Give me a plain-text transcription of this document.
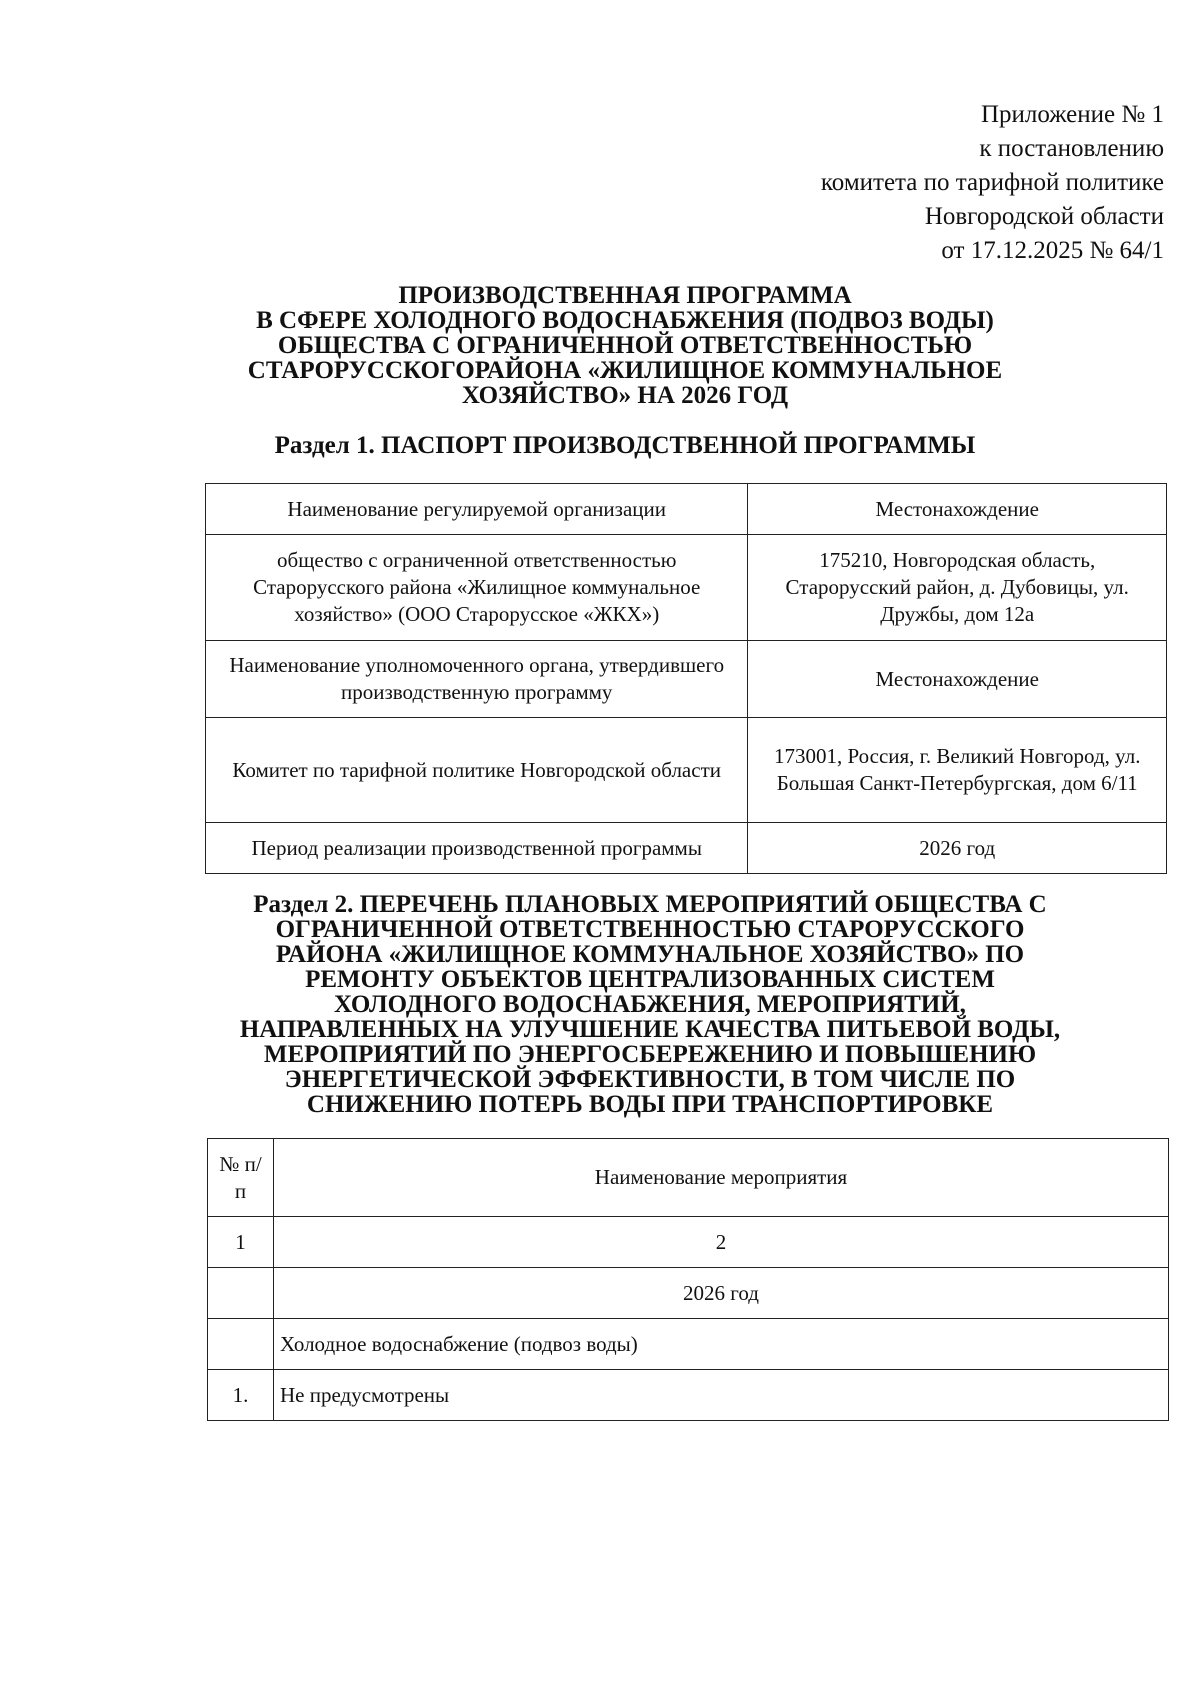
Приложение № 1
к постановлению
комитета по тарифной политике
Новгородской области
от 17.12.2025 № 64/1
ПРОИЗВОДСТВЕННАЯ ПРОГРАММА
В СФЕРЕ ХОЛОДНОГО ВОДОСНАБЖЕНИЯ (ПОДВОЗ ВОДЫ)
ОБЩЕСТВА С ОГРАНИЧЕННОЙ ОТВЕТСТВЕННОСТЬЮ
СТАРОРУССКОГОРАЙОНА «ЖИЛИЩНОЕ КОММУНАЛЬНОЕ
ХОЗЯЙСТВО» НА 2026 ГОД
Раздел 1. ПАСПОРТ ПРОИЗВОДСТВЕННОЙ ПРОГРАММЫ
Наименование регулируемой организации	Местонахождение
общество с ограниченной ответственностью Старорусского района «Жилищное коммунальное хозяйство» (ООО Старорусское «ЖКХ»)	175210, Новгородская область, Старорусский район, д. Дубовицы, ул. Дружбы, дом 12а
Наименование уполномоченного органа, утвердившего производственную программу	Местонахождение
Комитет по тарифной политике Новгородской области	173001, Россия, г. Великий Новгород, ул. Большая Санкт-Петербургская, дом 6/11
Период реализации производственной программы	2026 год
Раздел 2. ПЕРЕЧЕНЬ ПЛАНОВЫХ МЕРОПРИЯТИЙ ОБЩЕСТВА С
ОГРАНИЧЕННОЙ ОТВЕТСТВЕННОСТЬЮ СТАРОРУССКОГО
РАЙОНА «ЖИЛИЩНОЕ КОММУНАЛЬНОЕ ХОЗЯЙСТВО» ПО
РЕМОНТУ ОБЪЕКТОВ ЦЕНТРАЛИЗОВАННЫХ СИСТЕМ
ХОЛОДНОГО ВОДОСНАБЖЕНИЯ, МЕРОПРИЯТИЙ,
НАПРАВЛЕННЫХ НА УЛУЧШЕНИЕ КАЧЕСТВА ПИТЬЕВОЙ ВОДЫ,
МЕРОПРИЯТИЙ ПО ЭНЕРГОСБЕРЕЖЕНИЮ И ПОВЫШЕНИЮ
ЭНЕРГЕТИЧЕСКОЙ ЭФФЕКТИВНОСТИ, В ТОМ ЧИСЛЕ ПО
СНИЖЕНИЮ ПОТЕРЬ ВОДЫ ПРИ ТРАНСПОРТИРОВКЕ
№ п/п	Наименование мероприятия
1	2
	2026 год
	Холодное водоснабжение (подвоз воды)
1.	Не предусмотрены
